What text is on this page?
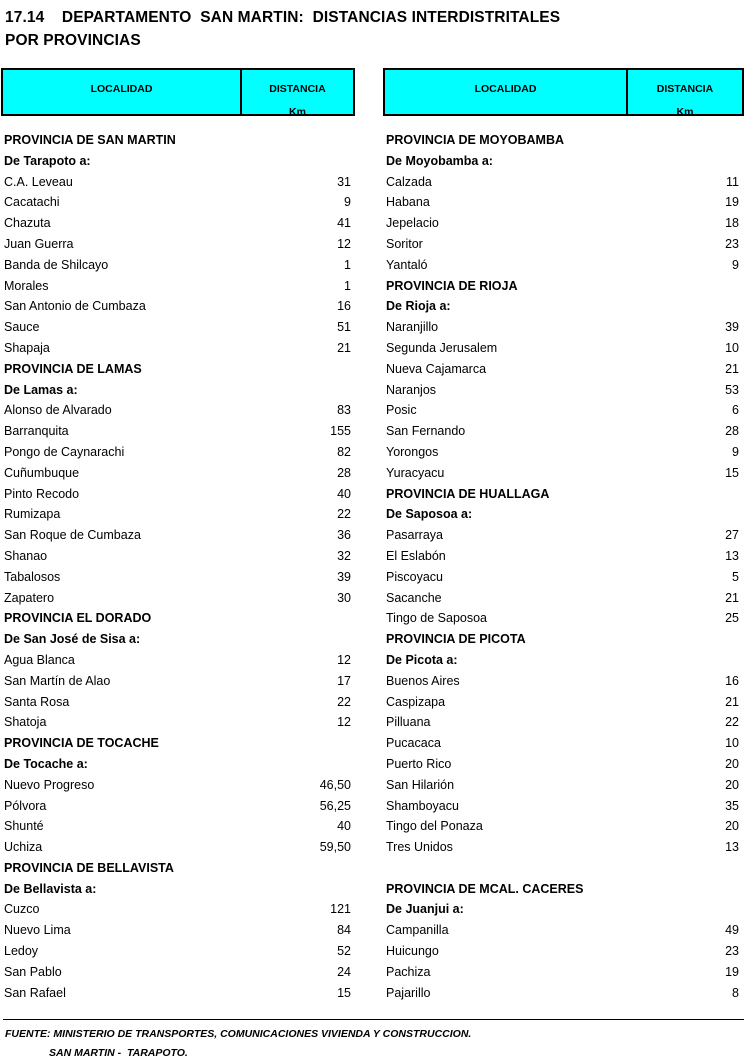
17.14    DEPARTAMENTO  SAN MARTIN:  DISTANCIAS INTERDISTRITALES
POR PROVINCIAS
LOCALIDAD	DISTANCIA
Km
PROVINCIA DE SAN MARTIN
De Tarapoto a:
C.A. Leveau	31
Cacatachi	9
Chazuta	41
Juan Guerra	12
Banda de Shilcayo	1
Morales	1
San Antonio de Cumbaza	16
Sauce	51
Shapaja	21
PROVINCIA DE LAMAS
De Lamas a:
Alonso de Alvarado	83
Barranquita	155
Pongo de Caynarachi	82
Cuñumbuque	28
Pinto Recodo	40
Rumizapa	22
San Roque de Cumbaza	36
Shanao	32
Tabalosos	39
Zapatero	30
PROVINCIA EL DORADO
De San José de Sisa a:
Agua Blanca	12
San Martín de Alao	17
Santa Rosa	22
Shatoja	12
PROVINCIA DE TOCACHE
De Tocache a:
Nuevo Progreso	46,50
Pólvora	56,25
Shunté	40
Uchiza	59,50
PROVINCIA DE BELLAVISTA
De Bellavista a:
Cuzco	121
Nuevo Lima	84
Ledoy	52
San Pablo	24
San Rafael	15
LOCALIDAD	DISTANCIA
Km
PROVINCIA DE MOYOBAMBA
De Moyobamba a:
Calzada	11
Habana	19
Jepelacio	18
Soritor	23
Yantaló	9
PROVINCIA DE RIOJA
De Rioja a:
Naranjillo	39
Segunda Jerusalem	10
Nueva Cajamarca	21
Naranjos	53
Posic	6
San Fernando	28
Yorongos	9
Yuracyacu	15
PROVINCIA DE HUALLAGA
De Saposoa a:
Pasarraya	27
El Eslabón	13
Piscoyacu	5
Sacanche	21
Tingo de Saposoa	25
PROVINCIA DE PICOTA
De Picota a:
Buenos Aires	16
Caspizapa	21
Pilluana	22
Pucacaca	10
Puerto Rico	20
San Hilarión	20
Shamboyacu	35
Tingo del Ponaza	20
Tres Unidos	13
PROVINCIA DE MCAL. CACERES
De Juanjui a:
Campanilla	49
Huicungo	23
Pachiza	19
Pajarillo	8
FUENTE: MINISTERIO DE TRANSPORTES, COMUNICACIONES VIVIENDA Y CONSTRUCCION.
SAN MARTIN -  TARAPOTO.
